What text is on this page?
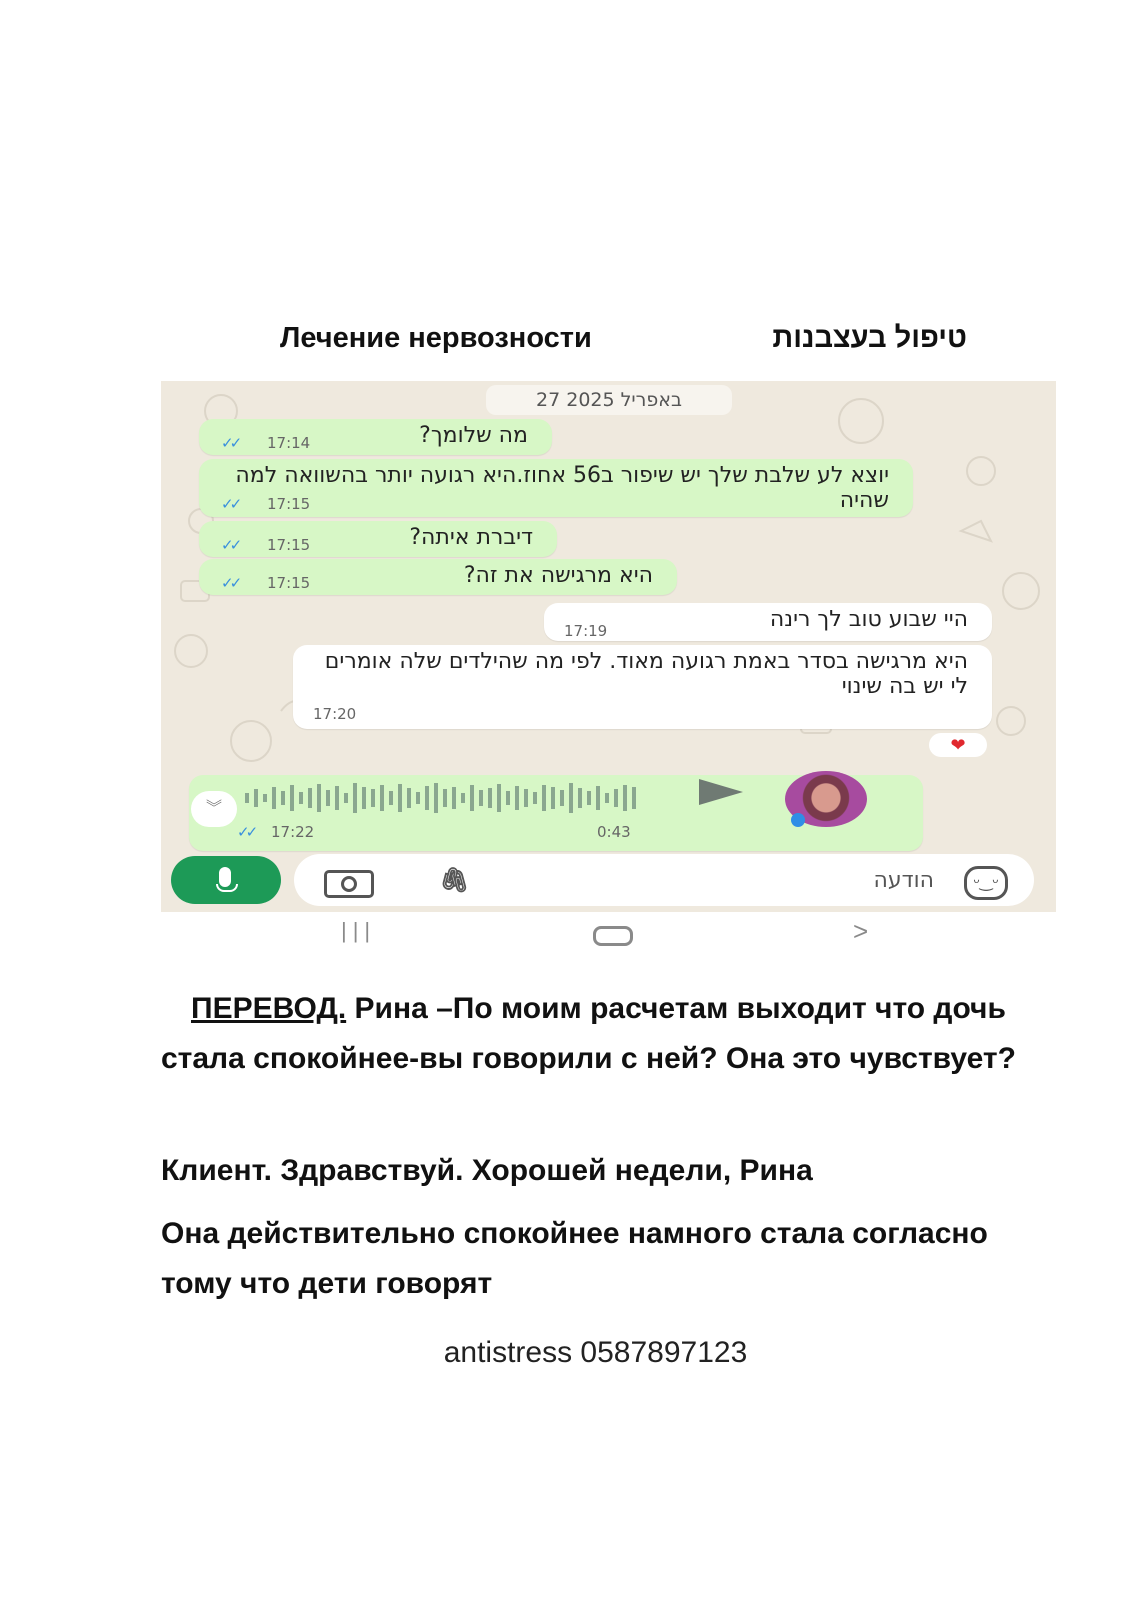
Лечение нервозности	טיפול בעצבנות
27 באפריל 2025
מה שלומך?
✓✓ 17:14
יוצא לע שלבת שלך יש שיפור ב56 אחוז.היא רגועה יותר בהשוואה למה שהיה
✓✓ 17:15
דיברת איתה?
✓✓ 17:15
היא מרגישה את זה?
✓✓ 17:15
היי שבוע טוב לך רינה
17:19
היא מרגישה בסדר באמת רגועה מאוד. לפי מה שהילדים שלה אומרים לי יש בה שינוי
17:20
❤
✓✓ 17:22	0:43
︾
🖇	הודעה	ᵕ‿ᵕ
|||	>
ПЕРЕВОД. Рина –По моим расчетам выходит что дочь стала спокойнее-вы говорили с ней? Она это чувствует?
Клиент. Здравствуй. Хорошей недели, Рина
Она действительно спокойнее намного стала согласно тому что дети говорят
antistress 0587897123
